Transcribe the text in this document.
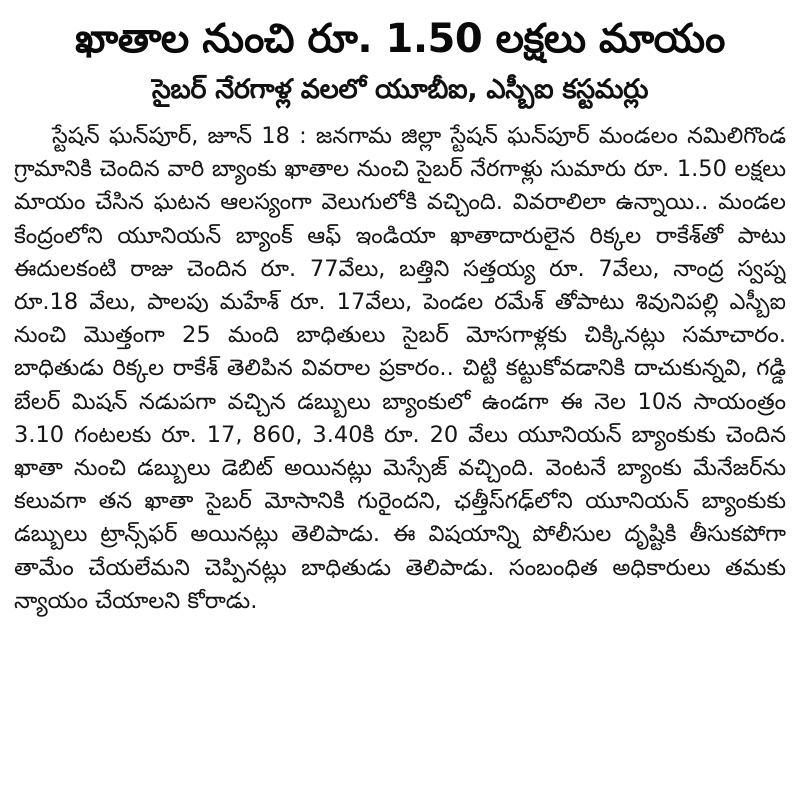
ఖాతాల నుంచి రూ. 1.50 లక్షలు మాయం
సైబర్ నేరగాళ్ల వలలో యూబీఐ, ఎస్బీఐ కస్టమర్లు

స్టేషన్ ఘన్‌పూర్, జూన్ 18 : జనగామ జిల్లా స్టేషన్ ఘన్‌పూర్ మండలం నమిలిగొండ గ్రామానికి చెందిన వారి బ్యాంకు ఖాతాల నుంచి సైబర్ నేరగాళ్లు సుమారు రూ. 1.50 లక్షలు మాయం చేసిన ఘటన ఆలస్యంగా వెలుగులోకి వచ్చింది. వివరాలిలా ఉన్నాయి.. మండల కేంద్రంలోని యూనియన్ బ్యాంక్ ఆఫ్ ఇండియా ఖాతాదారులైన రిక్కల రాకేశ్‌తో పాటు ఈదులకంటి రాజు చెందిన రూ. 77వేలు, బత్తిని సత్తయ్య రూ. 7వేలు, నాంద్ర స్వప్న రూ.18 వేలు, పాలపు మహేశ్ రూ. 17వేలు, పెండల రమేశ్ తోపాటు శివునిపల్లి ఎస్బీఐ నుంచి మొత్తంగా 25 మంది బాధితులు సైబర్ మోసగాళ్లకు చిక్కినట్లు సమాచారం. బాధితుడు రిక్కల రాకేశ్ తెలిపిన వివరాల ప్రకారం.. చిట్టి కట్టుకోవడానికి దాచుకున్నవి, గడ్డి బేలర్ మిషన్ నడుపగా వచ్చిన డబ్బులు బ్యాంకులో ఉండగా ఈ నెల 10న సాయంత్రం 3.10 గంటలకు రూ. 17, 860, 3.40కి రూ. 20 వేలు యూనియన్ బ్యాంకుకు చెందిన ఖాతా నుంచి డబ్బులు డెబిట్ అయినట్లు మెస్సేజ్ వచ్చింది. వెంటనే బ్యాంకు మేనేజర్‌ను కలువగా తన ఖాతా సైబర్ మోసానికి గురైందని, ఛత్తీస్‌గఢ్‌లోని యూనియన్ బ్యాంకుకు డబ్బులు ట్రాన్స్‌ఫర్ అయినట్లు తెలిపాడు. ఈ విషయాన్ని పోలీసుల దృష్టికి తీసుకపోగా తామేం చేయలేమని చెప్పినట్లు బాధితుడు తెలిపాడు. సంబంధిత అధికారులు తమకు న్యాయం చేయాలని కోరాడు.
